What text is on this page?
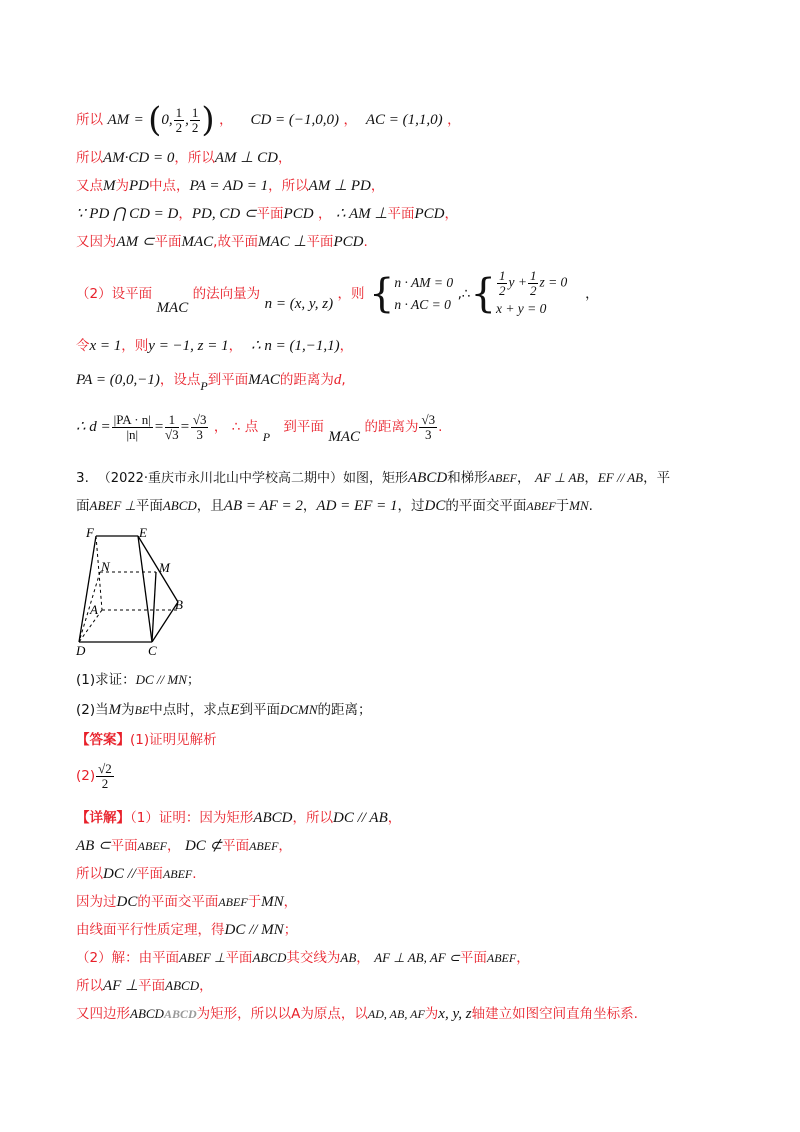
所以 AM = (0, $\frac{1}{2}$ , $\frac{1}{2}$ ) ， CD = (−1,0,0) ， AC = (1,1,0) ，
所以AM·CD = 0，所以AM ⊥ CD，
又点M为PD中点，PA = AD = 1，所以AM ⊥ PD，
∵ PD ⋂ CD = D，PD, CD ⊂平面PCD ， ∴ AM ⊥平面PCD，
又因为AM ⊂平面MAC,故平面MAC ⊥平面PCD.
（2）设平面 MAC 的法向量为 n = (x, y, z) ，则 { n · AM = 0
n · AC = 0
,∴{ $\frac{1}{2}$ $y + \frac{1}{2}$ z = 0
x + y = 0
，
令x = 1，则y = −1, z = 1， ∴ n = (1,−1,1)，
PA = (0,0,−1)，设点P到平面MAC的距离为d,
∴ $d = \frac{|PA \cdot n|}{|n|} = \frac{1}{√3} = \frac{√3}{3}$ ， ∴ 点 P   到平面 MAC 的距离为 $\frac{√3}{3}$ .
3. （2022·重庆市永川北山中学校高二期中）如图，矩形ABCD和梯形ABEF， AF ⊥ AB，EF // AB，平
面ABEF ⊥平面ABCD，且AB = AF = 2，AD = EF = 1，过DC的平面交平面ABEF于MN.
F	E
N	M
A	B
D	C
(1)求证：DC // MN；
(2)当M为BE中点时，求点E到平面DCMN的距离；
【答案】(1)证明见解析
$(2) \frac{√2}{2}$
【详解】（1）证明：因为矩形ABCD，所以DC // AB，
AB ⊂平面ABEF， DC ⊄平面ABEF，
所以DC //平面ABEF.
因为过DC的平面交平面ABEF于MN，
由线面平行性质定理，得DC // MN；
（2）解：由平面ABEF ⊥平面ABCD其交线为AB， AF ⊥ AB, AF ⊂平面ABEF，
所以AF ⊥平面ABCD，
又四边形ABCDABCD为矩形，所以以A为原点，以AD, AB, AF为x, y, z轴建立如图空间直角坐标系.
